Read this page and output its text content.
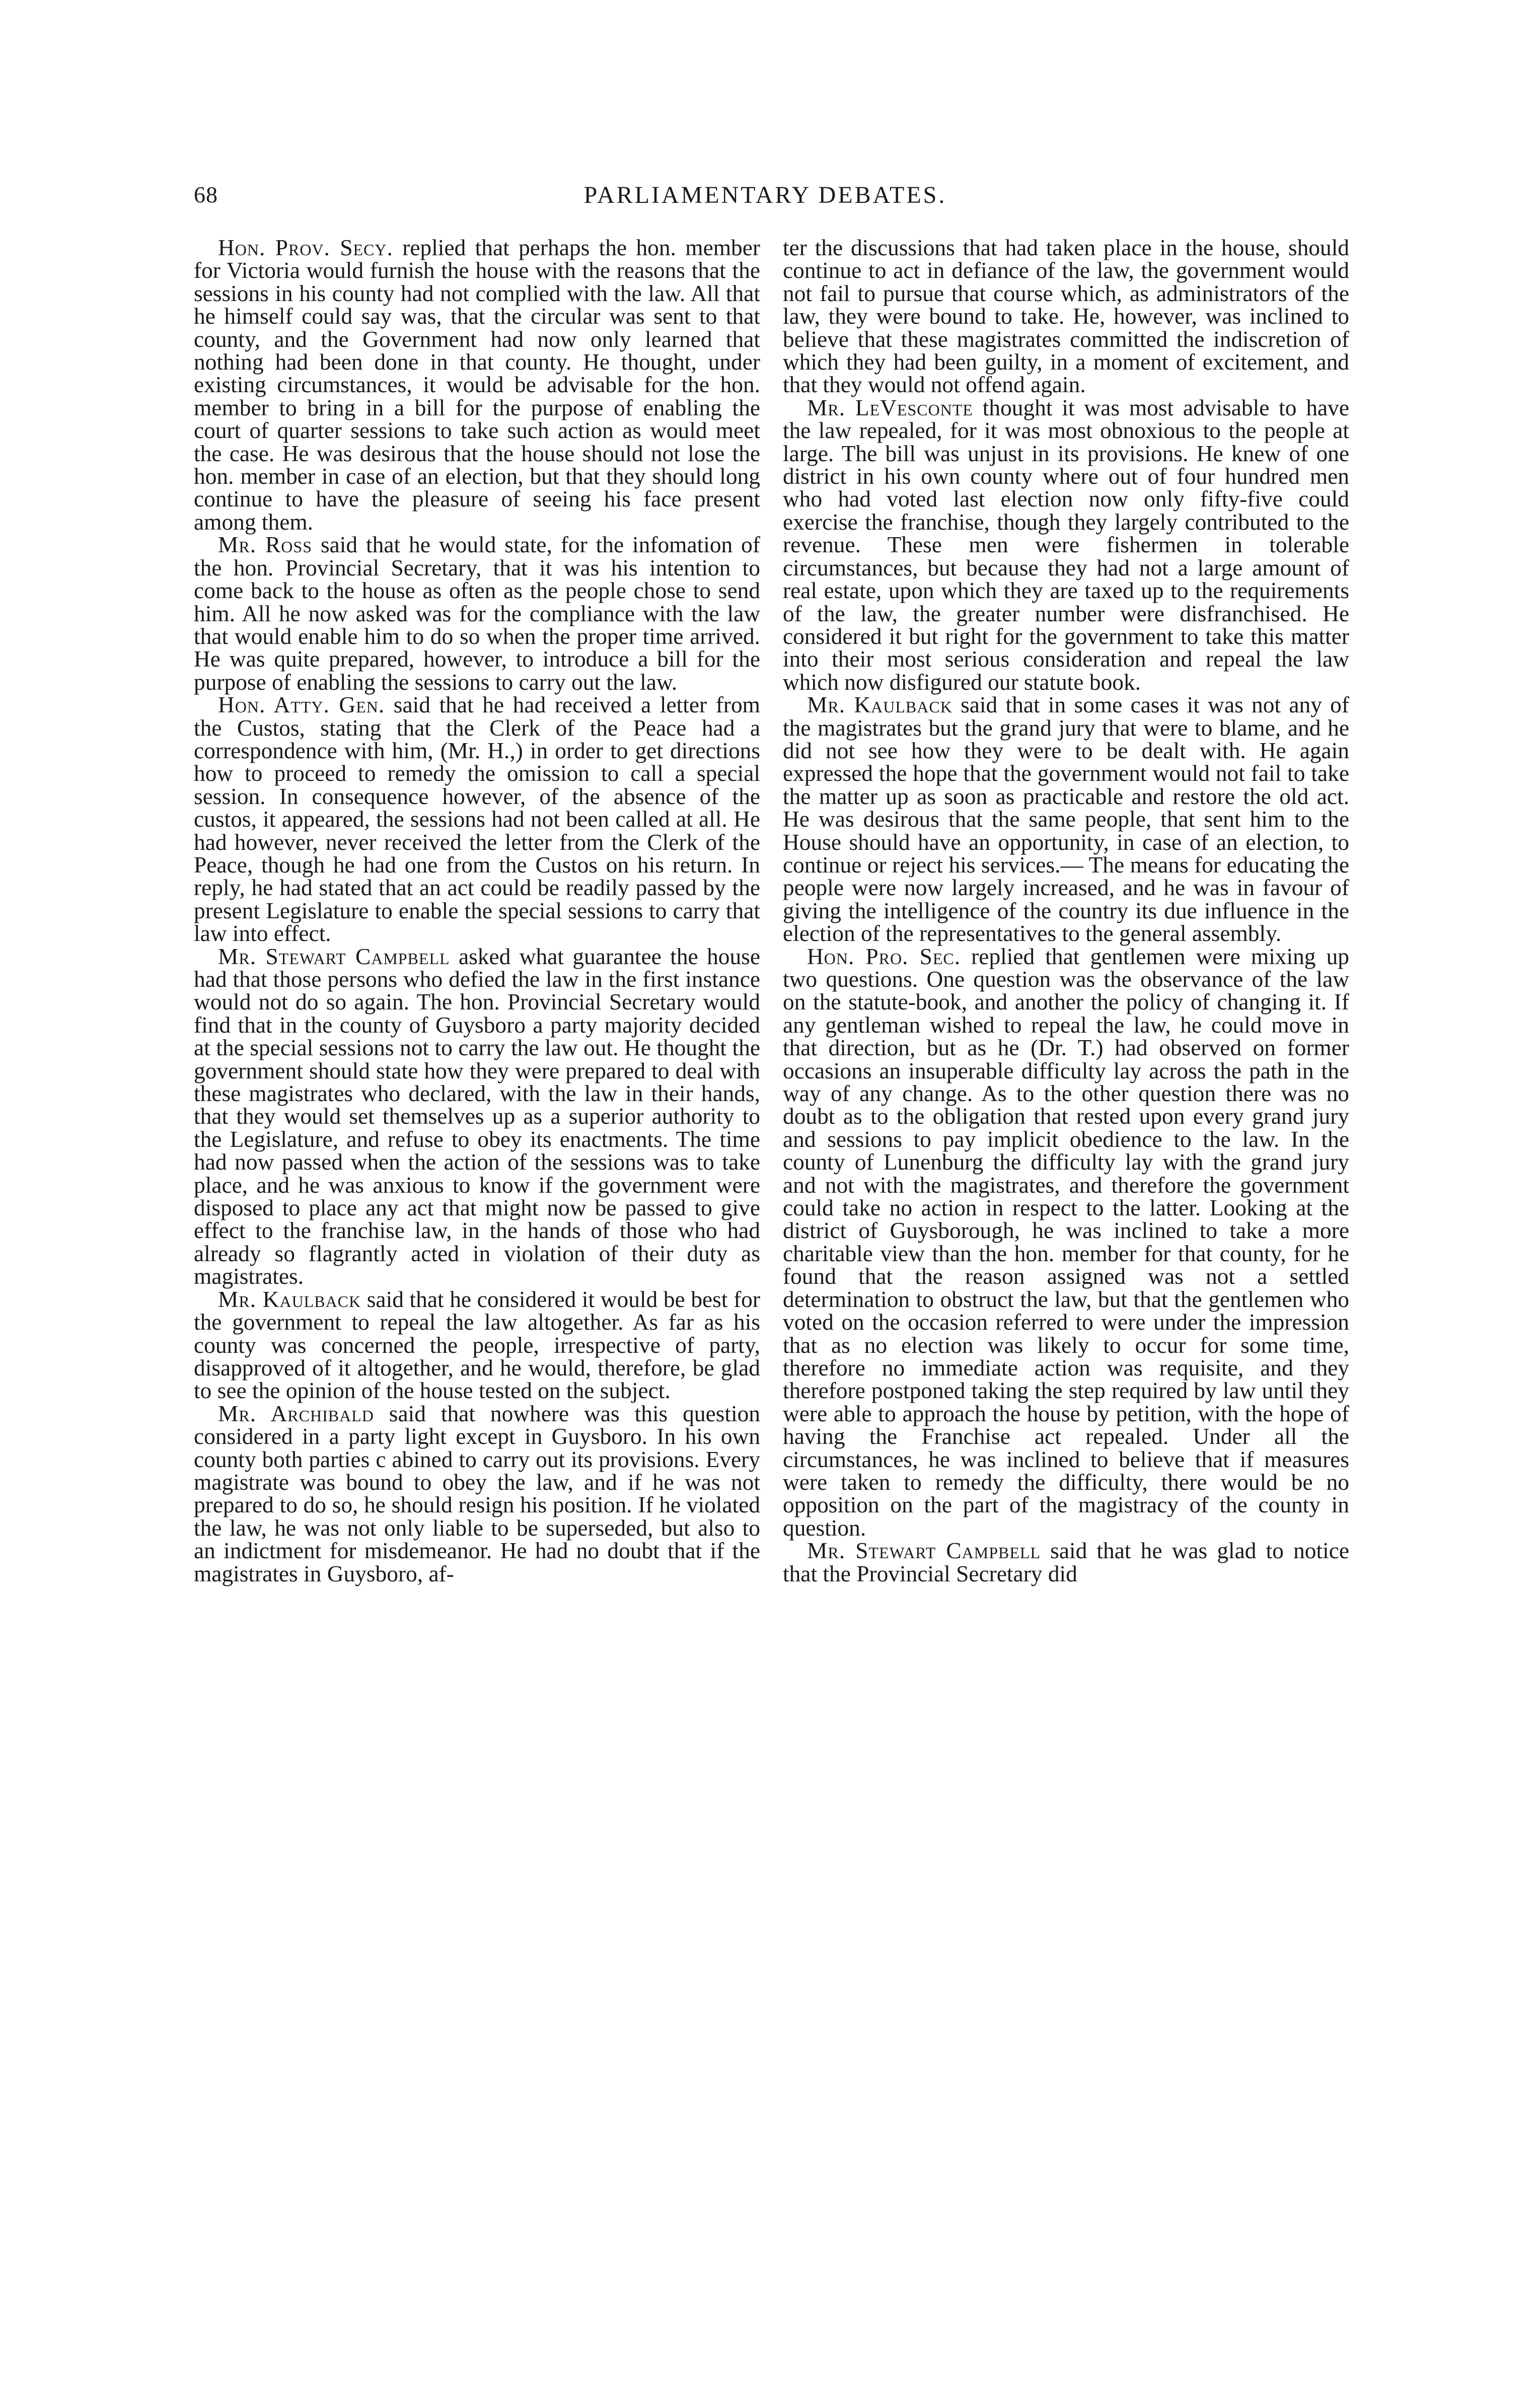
68	PARLIAMENTARY DEBATES.

Hon. Prov. Secy. replied that perhaps the hon. member for Victoria would furnish the house with the reasons that the sessions in his county had not complied with the law. All that he himself could say was, that the circular was sent to that county, and the Government had now only learned that nothing had been done in that county. He thought, under existing circumstances, it would be advisable for the hon. member to bring in a bill for the purpose of enabling the court of quarter sessions to take such action as would meet the case. He was desirous that the house should not lose the hon. member in case of an election, but that they should long continue to have the pleasure of seeing his face present among them.

Mr. Ross said that he would state, for the infomation of the hon. Provincial Secretary, that it was his intention to come back to the house as often as the people chose to send him. All he now asked was for the compliance with the law that would enable him to do so when the proper time arrived. He was quite prepared, however, to introduce a bill for the purpose of enabling the sessions to carry out the law.

Hon. Atty. Gen. said that he had received a letter from the Custos, stating that the Clerk of the Peace had a correspondence with him, (Mr. H.,) in order to get directions how to proceed to remedy the omission to call a special session. In consequence however, of the absence of the custos, it appeared, the sessions had not been called at all. He had however, never received the letter from the Clerk of the Peace, though he had one from the Custos on his return. In reply, he had stated that an act could be readily passed by the present Legislature to enable the special sessions to carry that law into effect.

Mr. Stewart Campbell asked what guarantee the house had that those persons who defied the law in the first instance would not do so again. The hon. Provincial Secretary would find that in the county of Guysboro a party majority decided at the special sessions not to carry the law out. He thought the government should state how they were prepared to deal with these magistrates who declared, with the law in their hands, that they would set themselves up as a superior authority to the Legislature, and refuse to obey its enactments. The time had now passed when the action of the sessions was to take place, and he was anxious to know if the government were disposed to place any act that might now be passed to give effect to the franchise law, in the hands of those who had already so flagrantly acted in violation of their duty as magistrates.

Mr. Kaulback said that he considered it would be best for the government to repeal the law altogether. As far as his county was concerned the people, irrespective of party, disapproved of it altogether, and he would, therefore, be glad to see the opinion of the house tested on the subject.

Mr. Archibald said that nowhere was this question considered in a party light except in Guysboro. In his own county both parties c abined to carry out its provisions. Every magistrate was bound to obey the law, and if he was not prepared to do so, he should resign his position. If he violated the law, he was not only liable to be superseded, but also to an indictment for misdemeanor. He had no doubt that if the magistrates in Guysboro, af-

ter the discussions that had taken place in the house, should continue to act in defiance of the law, the government would not fail to pursue that course which, as administrators of the law, they were bound to take. He, however, was inclined to believe that these magistrates committed the indiscretion of which they had been guilty, in a moment of excitement, and that they would not offend again.

Mr. LeVesconte thought it was most advisable to have the law repealed, for it was most obnoxious to the people at large. The bill was unjust in its provisions. He knew of one district in his own county where out of four hundred men who had voted last election now only fifty-five could exercise the franchise, though they largely contributed to the revenue. These men were fishermen in tolerable circumstances, but because they had not a large amount of real estate, upon which they are taxed up to the requirements of the law, the greater number were disfranchised. He considered it but right for the government to take this matter into their most serious consideration and repeal the law which now disfigured our statute book.

Mr. Kaulback said that in some cases it was not any of the magistrates but the grand jury that were to blame, and he did not see how they were to be dealt with. He again expressed the hope that the government would not fail to take the matter up as soon as practicable and restore the old act. He was desirous that the same people, that sent him to the House should have an opportunity, in case of an election, to continue or reject his services.— The means for educating the people were now largely increased, and he was in favour of giving the intelligence of the country its due influence in the election of the representatives to the general assembly.

Hon. Pro. Sec. replied that gentlemen were mixing up two questions. One question was the observance of the law on the statute-book, and another the policy of changing it. If any gentleman wished to repeal the law, he could move in that direction, but as he (Dr. T.) had observed on former occasions an insuperable difficulty lay across the path in the way of any change. As to the other question there was no doubt as to the obligation that rested upon every grand jury and sessions to pay implicit obedience to the law. In the county of Lunenburg the difficulty lay with the grand jury and not with the magistrates, and therefore the government could take no action in respect to the latter. Looking at the district of Guysborough, he was inclined to take a more charitable view than the hon. member for that county, for he found that the reason assigned was not a settled determination to obstruct the law, but that the gentlemen who voted on the occasion referred to were under the impression that as no election was likely to occur for some time, therefore no immediate action was requisite, and they therefore postponed taking the step required by law until they were able to approach the house by petition, with the hope of having the Franchise act repealed. Under all the circumstances, he was inclined to believe that if measures were taken to remedy the difficulty, there would be no opposition on the part of the magistracy of the county in question.

Mr. Stewart Campbell said that he was glad to notice that the Provincial Secretary did
